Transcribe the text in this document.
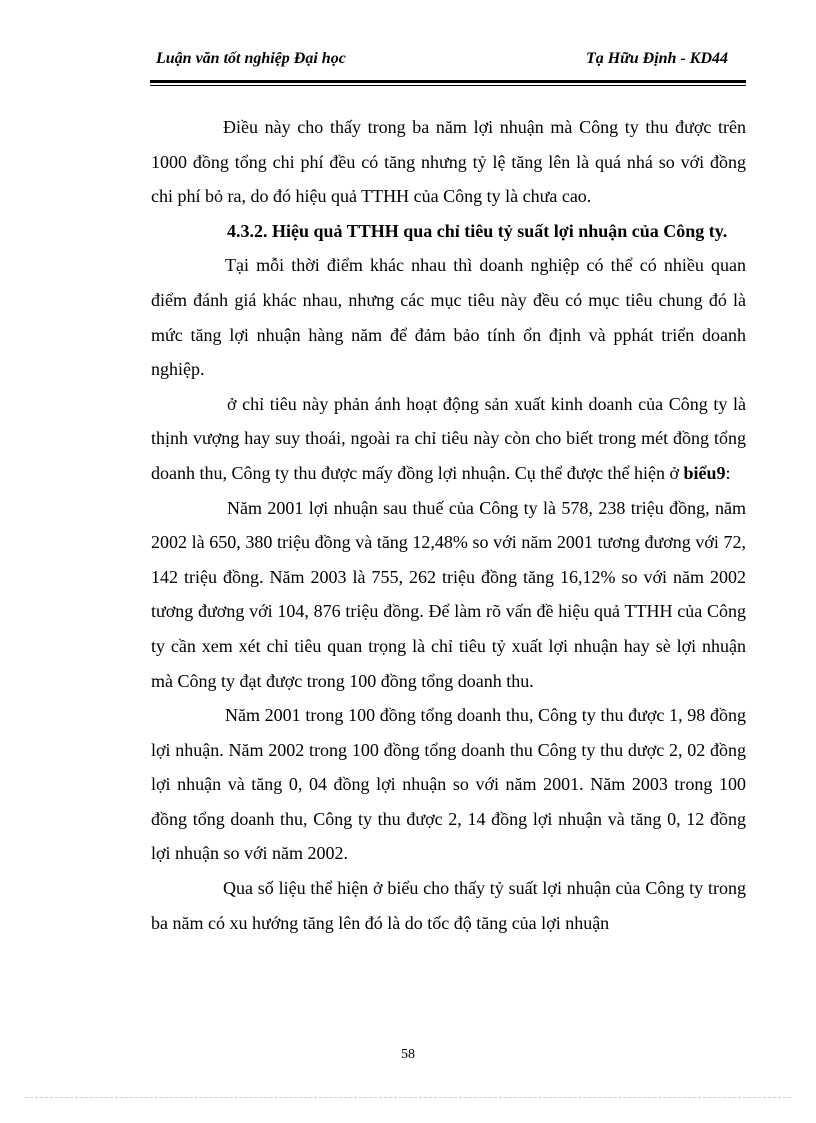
Luận văn tốt nghiệp Đại học	Tạ Hữu Định - KD44

Điều này cho thấy trong ba năm lợi nhuận mà Công ty thu được trên 1000 đồng tổng chi phí đều có tăng nhưng tỷ lệ tăng lên là quá nhá so với đồng chi phí bỏ ra, do đó hiệu quả TTHH của Công ty là chưa cao.

4.3.2. Hiệu quả TTHH qua chỉ tiêu tỷ suất lợi nhuận của Công ty.

Tại mỗi thời điểm khác nhau thì doanh nghiệp có thể có nhiều quan điểm đánh giá khác nhau, nhưng các mục tiêu này đều có mục tiêu chung đó là mức tăng lợi nhuận hàng năm để đảm bảo tính ổn định và pphát triển doanh nghiệp.

ở chỉ tiêu này phản ánh hoạt động sản xuất kinh doanh của Công ty là thịnh vượng hay suy thoái, ngoài ra chỉ tiêu này còn cho biết trong mét đồng tổng doanh thu, Công ty thu được mấy đồng lợi nhuận. Cụ thể được thể hiện ở biểu9:

Năm 2001 lợi nhuận sau thuế của Công ty là 578, 238 triệu đồng, năm 2002 là 650, 380 triệu đồng và tăng 12,48% so với năm 2001 tương đương với 72, 142 triệu đồng. Năm 2003 là 755, 262 triệu đồng tăng 16,12% so với năm 2002 tương đương với 104, 876 triệu đồng. Để làm rõ vấn đề hiệu quả TTHH của Công ty cần xem xét chỉ tiêu quan trọng là chỉ tiêu tỷ xuất lợi nhuận hay sè lợi nhuận mà Công ty đạt được trong 100 đồng tổng doanh thu.

Năm 2001 trong 100 đồng tổng doanh thu, Công ty thu được 1, 98 đồng lợi nhuận. Năm 2002 trong 100 đồng tổng doanh thu Công ty thu dược 2, 02 đồng lợi nhuận và tăng 0, 04 đồng lợi nhuận so với năm 2001. Năm 2003 trong 100 đồng tổng doanh thu, Công ty thu được 2, 14 đồng lợi nhuận và tăng 0, 12 đồng lợi nhuận so với năm 2002.

Qua số liệu thể hiện ở biểu cho thấy tỷ suất lợi nhuận của Công ty trong ba năm có xu hướng tăng lên đó là do tốc độ tăng của lợi nhuận

58
